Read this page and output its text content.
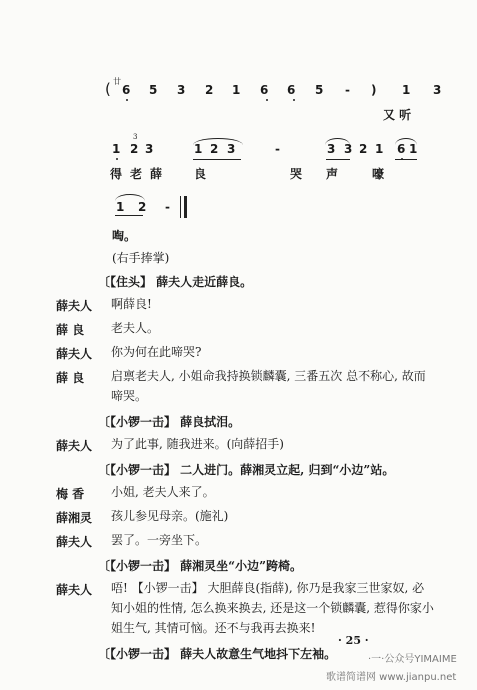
( 廿
6 5 3 2 1 6 6 5 - ) 1 3
又 听
1 2 3	1 2 3	-	3 3 2 1 6 1
3
得 老 薛	良	哭 声	嚎
1 2 -
啕。
(右手捧掌)
〔【住头】 薛夫人走近薛良。
薛夫人 啊薛良!
薛 良 老夫人。
薛夫人 你为何在此啼哭?
薛 良 启禀老夫人, 小姐命我持换锁麟囊, 三番五次 总不称心, 故而啼哭。
〔【小锣一击】 薛良拭泪。
薛夫人 为了此事, 随我进来。(向薛招手)
〔【小锣一击】 二人进门。薛湘灵立起, 归到“小边”站。
梅 香 小姐, 老夫人来了。
薛湘灵 孩儿参见母亲。(施礼)
薛夫人 罢了。一旁坐下。
〔【小锣一击】 薛湘灵坐“小边”跨椅。
薛夫人 唔! 【小锣一击】 大胆薛良(指薛), 你乃是我家三世家奴, 必知小姐的性情, 怎么换来换去, 还是这一个锁麟囊, 惹得你家小姐生气, 其情可恼。还不与我再去换来!
〔【小锣一击】 薛夫人故意生气地抖下左袖。
· 25 ·
·一·公众号YIMAIME
歌谱简谱网 www.jianpu.net
